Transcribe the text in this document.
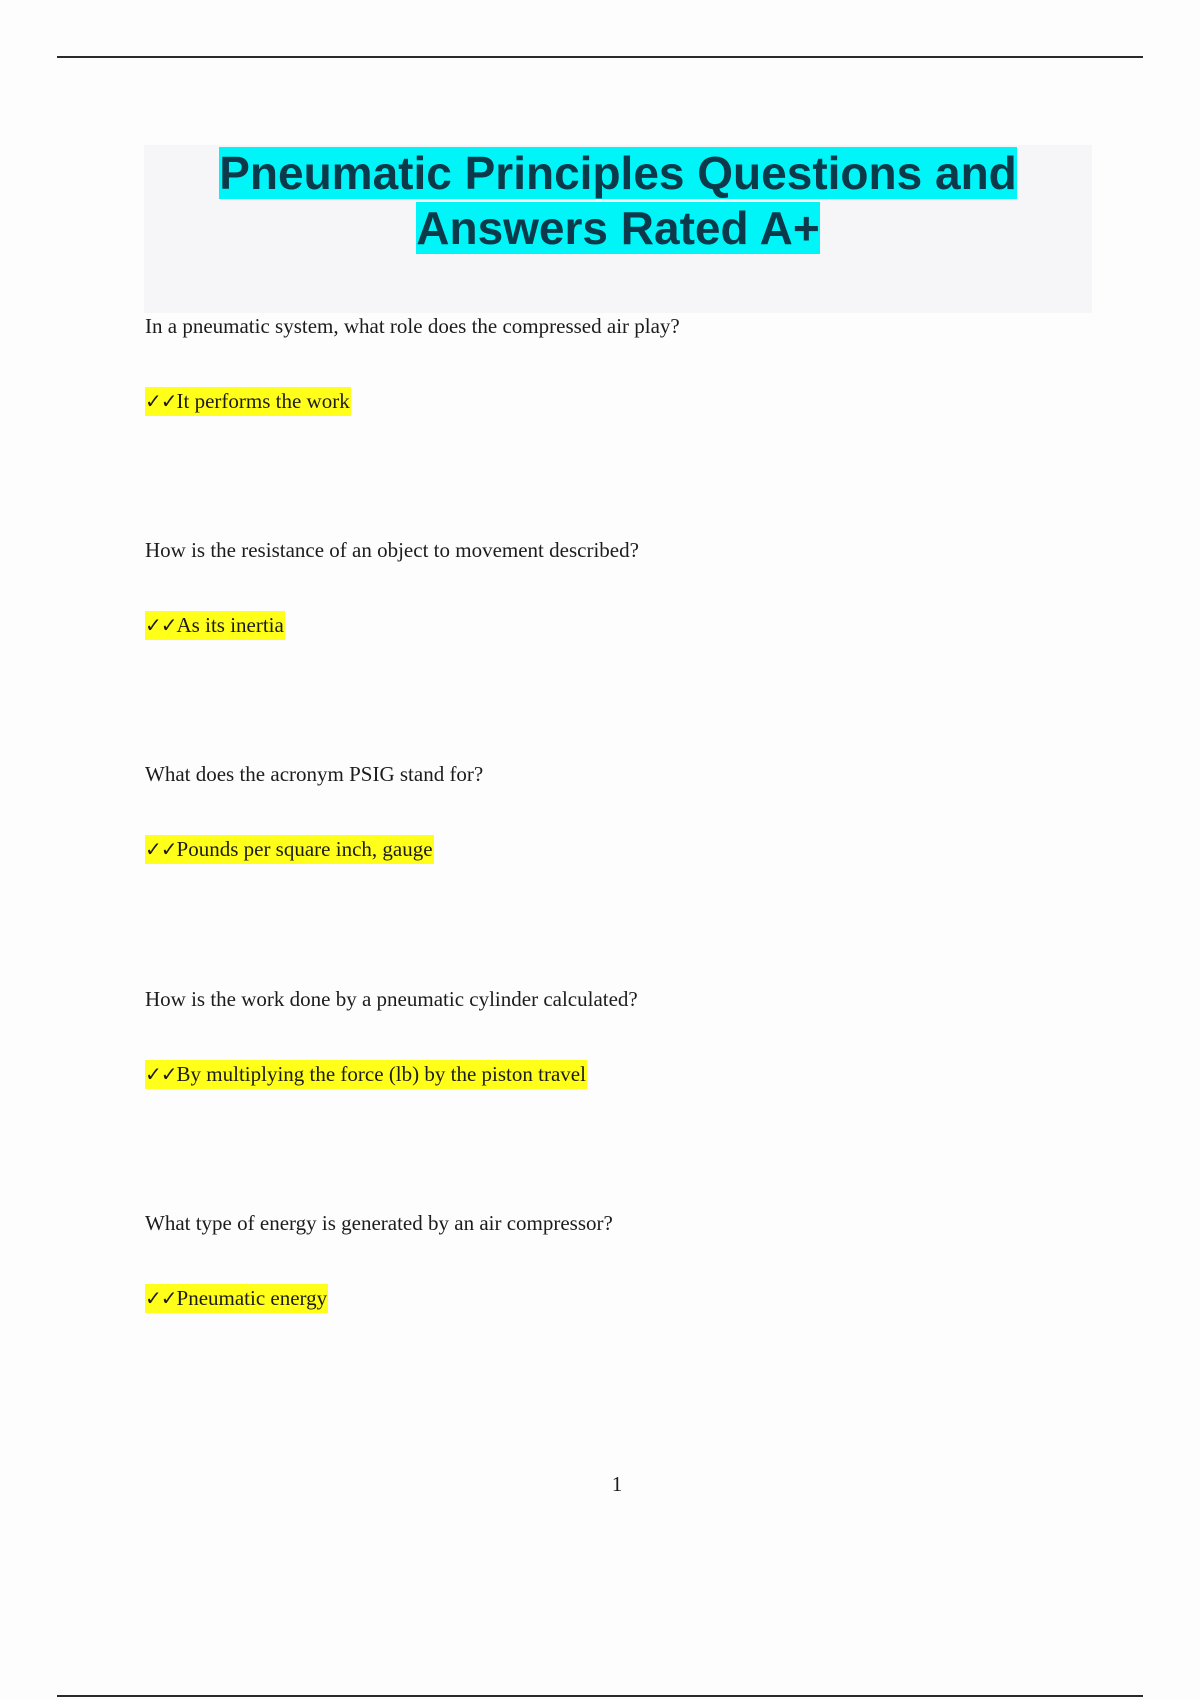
Pneumatic Principles Questions and
Answers Rated A+

In a pneumatic system, what role does the compressed air play?

✓✓It performs the work

How is the resistance of an object to movement described?

✓✓As its inertia

What does the acronym PSIG stand for?

✓✓Pounds per square inch, gauge

How is the work done by a pneumatic cylinder calculated?

✓✓By multiplying the force (lb) by the piston travel

What type of energy is generated by an air compressor?

✓✓Pneumatic energy

1
